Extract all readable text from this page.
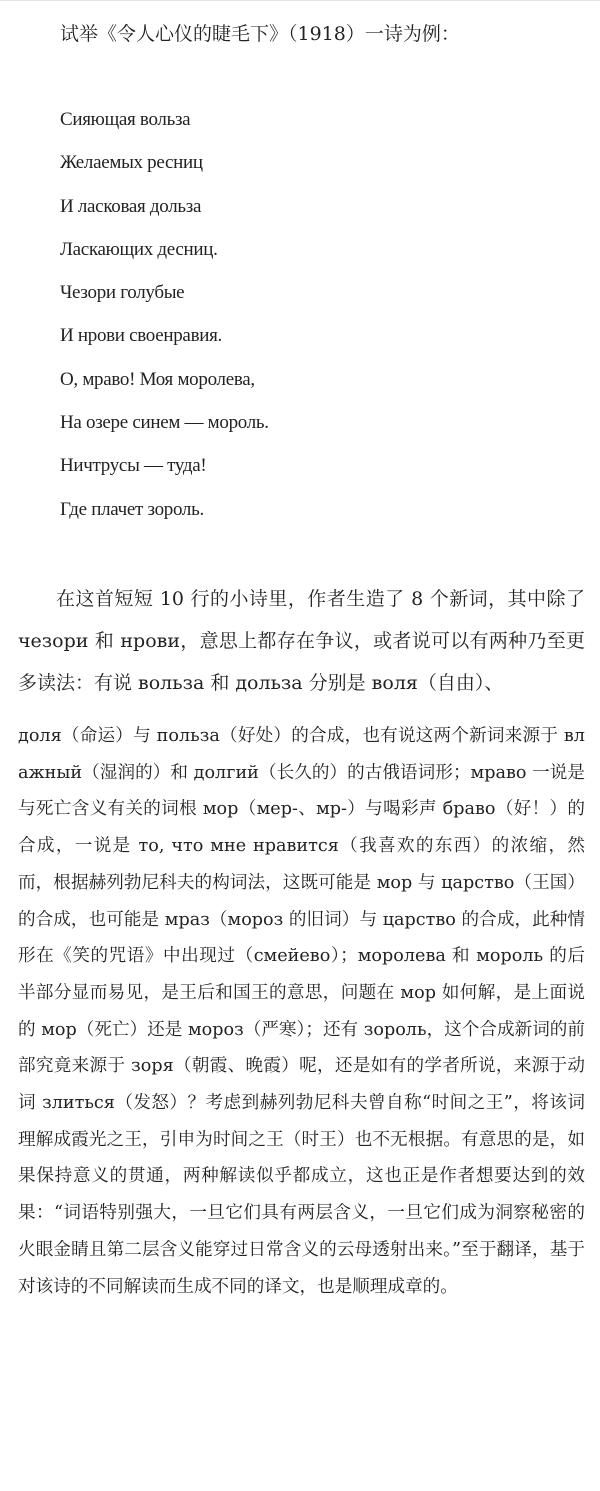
试举《令人心仪的睫毛下》（1918）一诗为例：
Сияющая вольза
Желаемых ресниц
И ласковая дольза
Ласкающих десниц.
Чезори голубые
И нрови своенравия.
О, мраво! Моя моролева,
На озере синем — мороль.
Ничтрусы — туда!
Где плачет зороль.

在这首短短 10 行的小诗里，作者生造了 8 个新词，其中除了 чезори 和 нрови，意思上都存在争议，或者说可以有两种乃至更多读法：有说 вольза 和 дольза 分别是 воля（自由）、

доля（命运）与 польза（好处）的合成，也有说这两个新词来源于 влажный（湿润的）和 долгий（长久的）的古俄语词形；мраво 一说是与死亡含义有关的词根 мор（мер-、мр-）与喝彩声 браво（好！）的合成，一说是 то, что мне нравится（我喜欢的东西）的浓缩，然而，根据赫列勃尼科夫的构词法，这既可能是 мор 与 царство（王国）的合成，也可能是 мраз（мороз 的旧词）与 царство 的合成，此种情形在《笑的咒语》中出现过（смейево）；моролева 和 мороль 的后半部分显而易见，是王后和国王的意思，问题在 мор 如何解，是上面说的 мор（死亡）还是 мороз（严寒）；还有 зороль，这个合成新词的前部究竟来源于 зоря（朝霞、晚霞）呢，还是如有的学者所说，来源于动词 злиться（发怒）？考虑到赫列勃尼科夫曾自称“时间之王”，将该词理解成霞光之王，引申为时间之王（时王）也不无根据。有意思的是，如果保持意义的贯通，两种解读似乎都成立，这也正是作者想要达到的效果：“词语特别强大，一旦它们具有两层含义，一旦它们成为洞察秘密的火眼金睛且第二层含义能穿过日常含义的云母透射出来。”至于翻译，基于对该诗的不同解读而生成不同的译文，也是顺理成章的。
